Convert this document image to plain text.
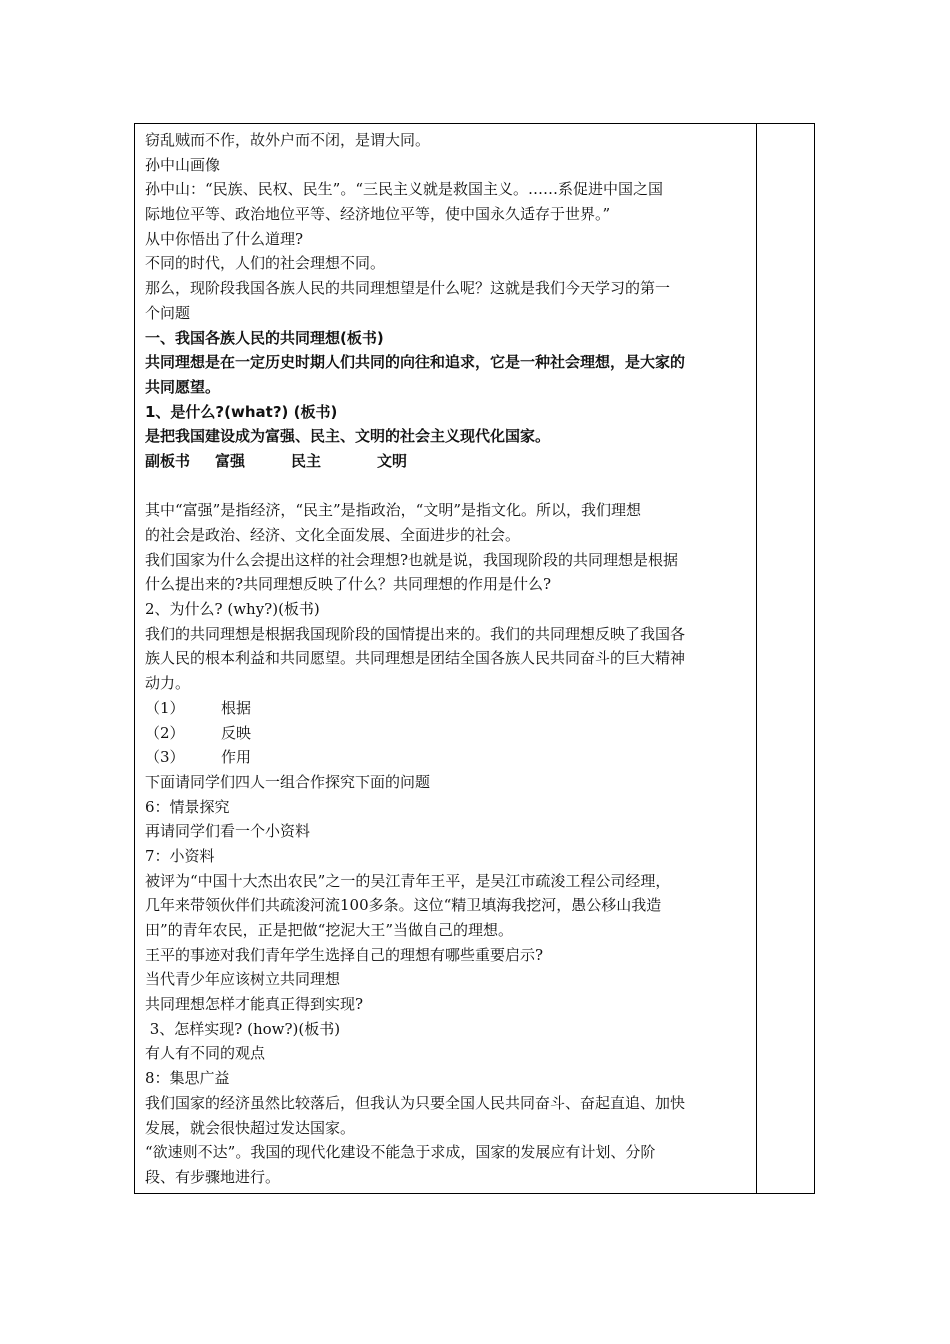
窃乱贼而不作，故外户而不闭，是谓大同。
孙中山画像
孙中山：“民族、民权、民生”。“三民主义就是救国主义。……系促进中国之国
际地位平等、政治地位平等、经济地位平等，使中国永久适存于世界。”
从中你悟出了什么道理?
不同的时代，人们的社会理想不同。
那么，现阶段我国各族人民的共同理想望是什么呢？这就是我们今天学习的第一
个问题
一、我国各族人民的共同理想(板书)
共同理想是在一定历史时期人们共同的向往和追求，它是一种社会理想，是大家的
共同愿望。
1、是什么?(what?) (板书)
是把我国建设成为富强、民主、文明的社会主义现代化国家。
副板书 富强	民主	文明
其中“富强”是指经济，“民主”是指政治，“文明”是指文化。所以，我们理想
的社会是政治、经济、文化全面发展、全面进步的社会。
我们国家为什么会提出这样的社会理想?也就是说，我国现阶段的共同理想是根据
什么提出来的?共同理想反映了什么？共同理想的作用是什么?
2、为什么? (why?)(板书)
我们的共同理想是根据我国现阶段的国情提出来的。我们的共同理想反映了我国各
族人民的根本利益和共同愿望。共同理想是团结全国各族人民共同奋斗的巨大精神
动力。
（1） 根据
（2） 反映
（3） 作用
下面请同学们四人一组合作探究下面的问题
6：情景探究
再请同学们看一个小资料
7：小资料
被评为“中国十大杰出农民”之一的吴江青年王平，是吴江市疏浚工程公司经理，
几年来带领伙伴们共疏浚河流100多条。这位“精卫填海我挖河，愚公移山我造
田”的青年农民，正是把做“挖泥大王”当做自己的理想。
王平的事迹对我们青年学生选择自己的理想有哪些重要启示?
当代青少年应该树立共同理想
共同理想怎样才能真正得到实现?
3、怎样实现? (how?)(板书)
有人有不同的观点
8：集思广益
我们国家的经济虽然比较落后，但我认为只要全国人民共同奋斗、奋起直追、加快
发展，就会很快超过发达国家。
“欲速则不达”。我国的现代化建设不能急于求成，国家的发展应有计划、分阶
段、有步骤地进行。
